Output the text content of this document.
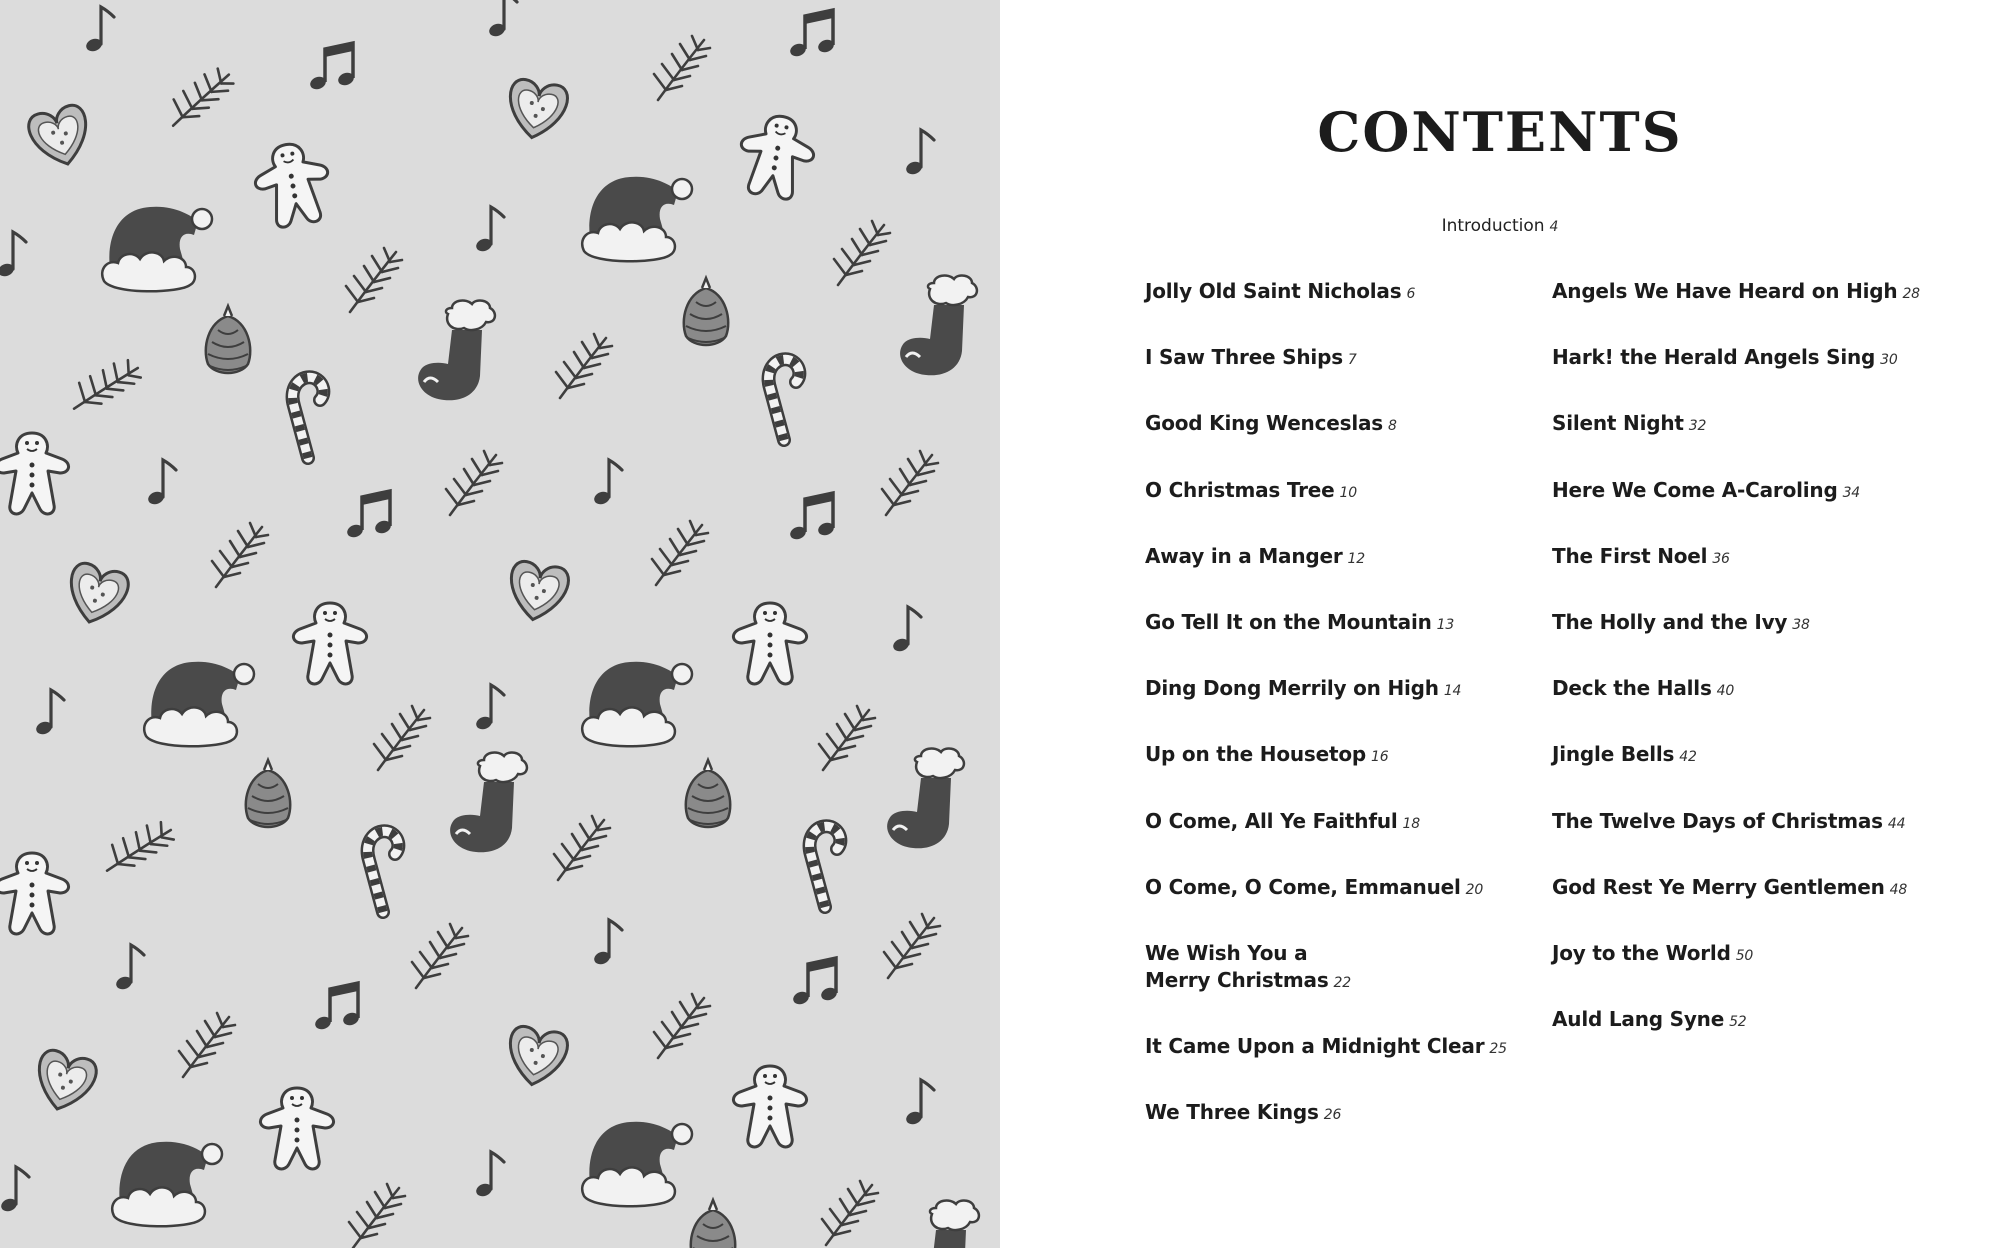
CONTENTS
Introduction 4
Jolly Old Saint Nicholas 6
I Saw Three Ships 7
Good King Wenceslas 8
O Christmas Tree 10
Away in a Manger 12
Go Tell It on the Mountain 13
Ding Dong Merrily on High 14
Up on the Housetop 16
O Come, All Ye Faithful 18
O Come, O Come, Emmanuel 20
We Wish You a
Merry Christmas 22
It Came Upon a Midnight Clear 25
We Three Kings 26
Angels We Have Heard on High 28
Hark! the Herald Angels Sing 30
Silent Night 32
Here We Come A-Caroling 34
The First Noel 36
The Holly and the Ivy 38
Deck the Halls 40
Jingle Bells 42
The Twelve Days of Christmas 44
God Rest Ye Merry Gentlemen 48
Joy to the World 50
Auld Lang Syne 52
